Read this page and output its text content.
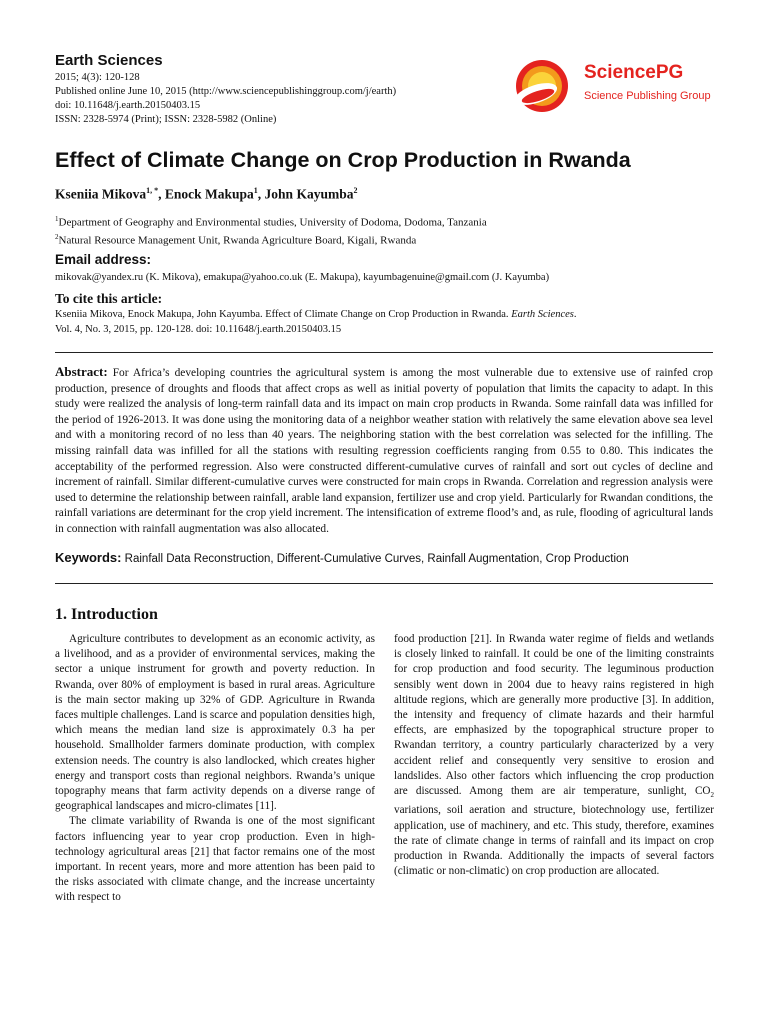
Earth Sciences
2015; 4(3): 120-128
Published online June 10, 2015 (http://www.sciencepublishinggroup.com/j/earth)
doi: 10.11648/j.earth.20150403.15
ISSN: 2328-5974 (Print); ISSN: 2328-5982 (Online)
SciencePG
Science Publishing Group
Effect of Climate Change on Crop Production in Rwanda
Kseniia Mikova$^{1, *}$, Enock Makupa$^1$, John Kayumba$^2$
$^1$Department of Geography and Environmental studies, University of Dodoma, Dodoma, Tanzania
$^2$Natural Resource Management Unit, Rwanda Agriculture Board, Kigali, Rwanda
Email address:
mikovak@yandex.ru (K. Mikova), emakupa@yahoo.co.uk (E. Makupa), kayumbagenuine@gmail.com (J. Kayumba)
To cite this article:
Kseniia Mikova, Enock Makupa, John Kayumba. Effect of Climate Change on Crop Production in Rwanda. Earth Sciences.
Vol. 4, No. 3, 2015, pp. 120-128. doi: 10.11648/j.earth.20150403.15
Abstract: For Africa’s developing countries the agricultural system is among the most vulnerable due to extensive use of rainfed crop production, presence of droughts and floods that affect crops as well as initial poverty of population that limits the capacity to adapt. In this study were realized the analysis of long-term rainfall data and its impact on main crop products in Rwanda. Some rainfall data was infilled for the period of 1926-2013. It was done using the monitoring data of a neighbor weather station with relatively the same elevation above sea level and with a monitoring record of no less than 40 years. The neighboring station with the best correlation was selected for the infilling. The missing rainfall data was infilled for all the stations with resulting regression coefficients ranging from 0.55 to 0.80. This indicates the acceptability of the performed regression. Also were constructed different-cumulative curves of rainfall and sort out cycles of decline and increment of rainfall. Similar different-cumulative curves were constructed for main crops in Rwanda. Correlation and regression analysis were used to determine the relationship between rainfall, arable land expansion, fertilizer use and crop yield. Particularly for Rwandan conditions, the rainfall variations are determinant for the crop yield increment. The intensification of extreme flood’s and, as rule, flooding of agricultural lands in connection with rainfall augmentation was also allocated.
Keywords: Rainfall Data Reconstruction, Different-Cumulative Curves, Rainfall Augmentation, Crop Production
1. Introduction

Agriculture contributes to development as an economic activity, as a livelihood, and as a provider of environmental services, making the sector a unique instrument for growth and poverty reduction. In Rwanda, over 80% of employment is based in rural areas. Agriculture is the main sector making up 32% of GDP. Agriculture in Rwanda faces multiple challenges. Land is scarce and population densities high, which means the median land size is approximately 0.3 ha per household. Smallholder farmers dominate production, with complex extension needs. The country is also landlocked, which creates higher energy and transport costs than regional neighbors. Rwanda’s unique topography means that farm activity depends on a diverse range of geographical landscapes and micro-climates [11].

The climate variability of Rwanda is one of the most significant factors influencing year to year crop production. Even in high-technology agricultural areas [21] that factor remains one of the most important. In recent years, more and more attention has been paid to the risks associated with climate change, and the increase uncertainty with respect to

food production [21]. In Rwanda water regime of fields and wetlands is closely linked to rainfall. It could be one of the limiting constraints for crop production and food security. The leguminous production sensibly went down in 2004 due to heavy rains registered in high altitude regions, which are generally more productive [3]. In addition, the intensity and frequency of climate hazards and their harmful effects, are emphasized by the topographical structure proper to Rwandan territory, a country particularly characterized by a very accident relief and consequently very sensitive to erosion and landslides. Also other factors which influencing the crop production are discussed. Among them are air temperature, sunlight, $CO_2$ variations, soil aeration and structure, biotechnology use, fertilizer application, use of machinery, and etc. This study, therefore, examines the rate of climate change in terms of rainfall and its impact on crop production in Rwanda. Additionally the impacts of several factors (climatic or non-climatic) on crop production are allocated.
